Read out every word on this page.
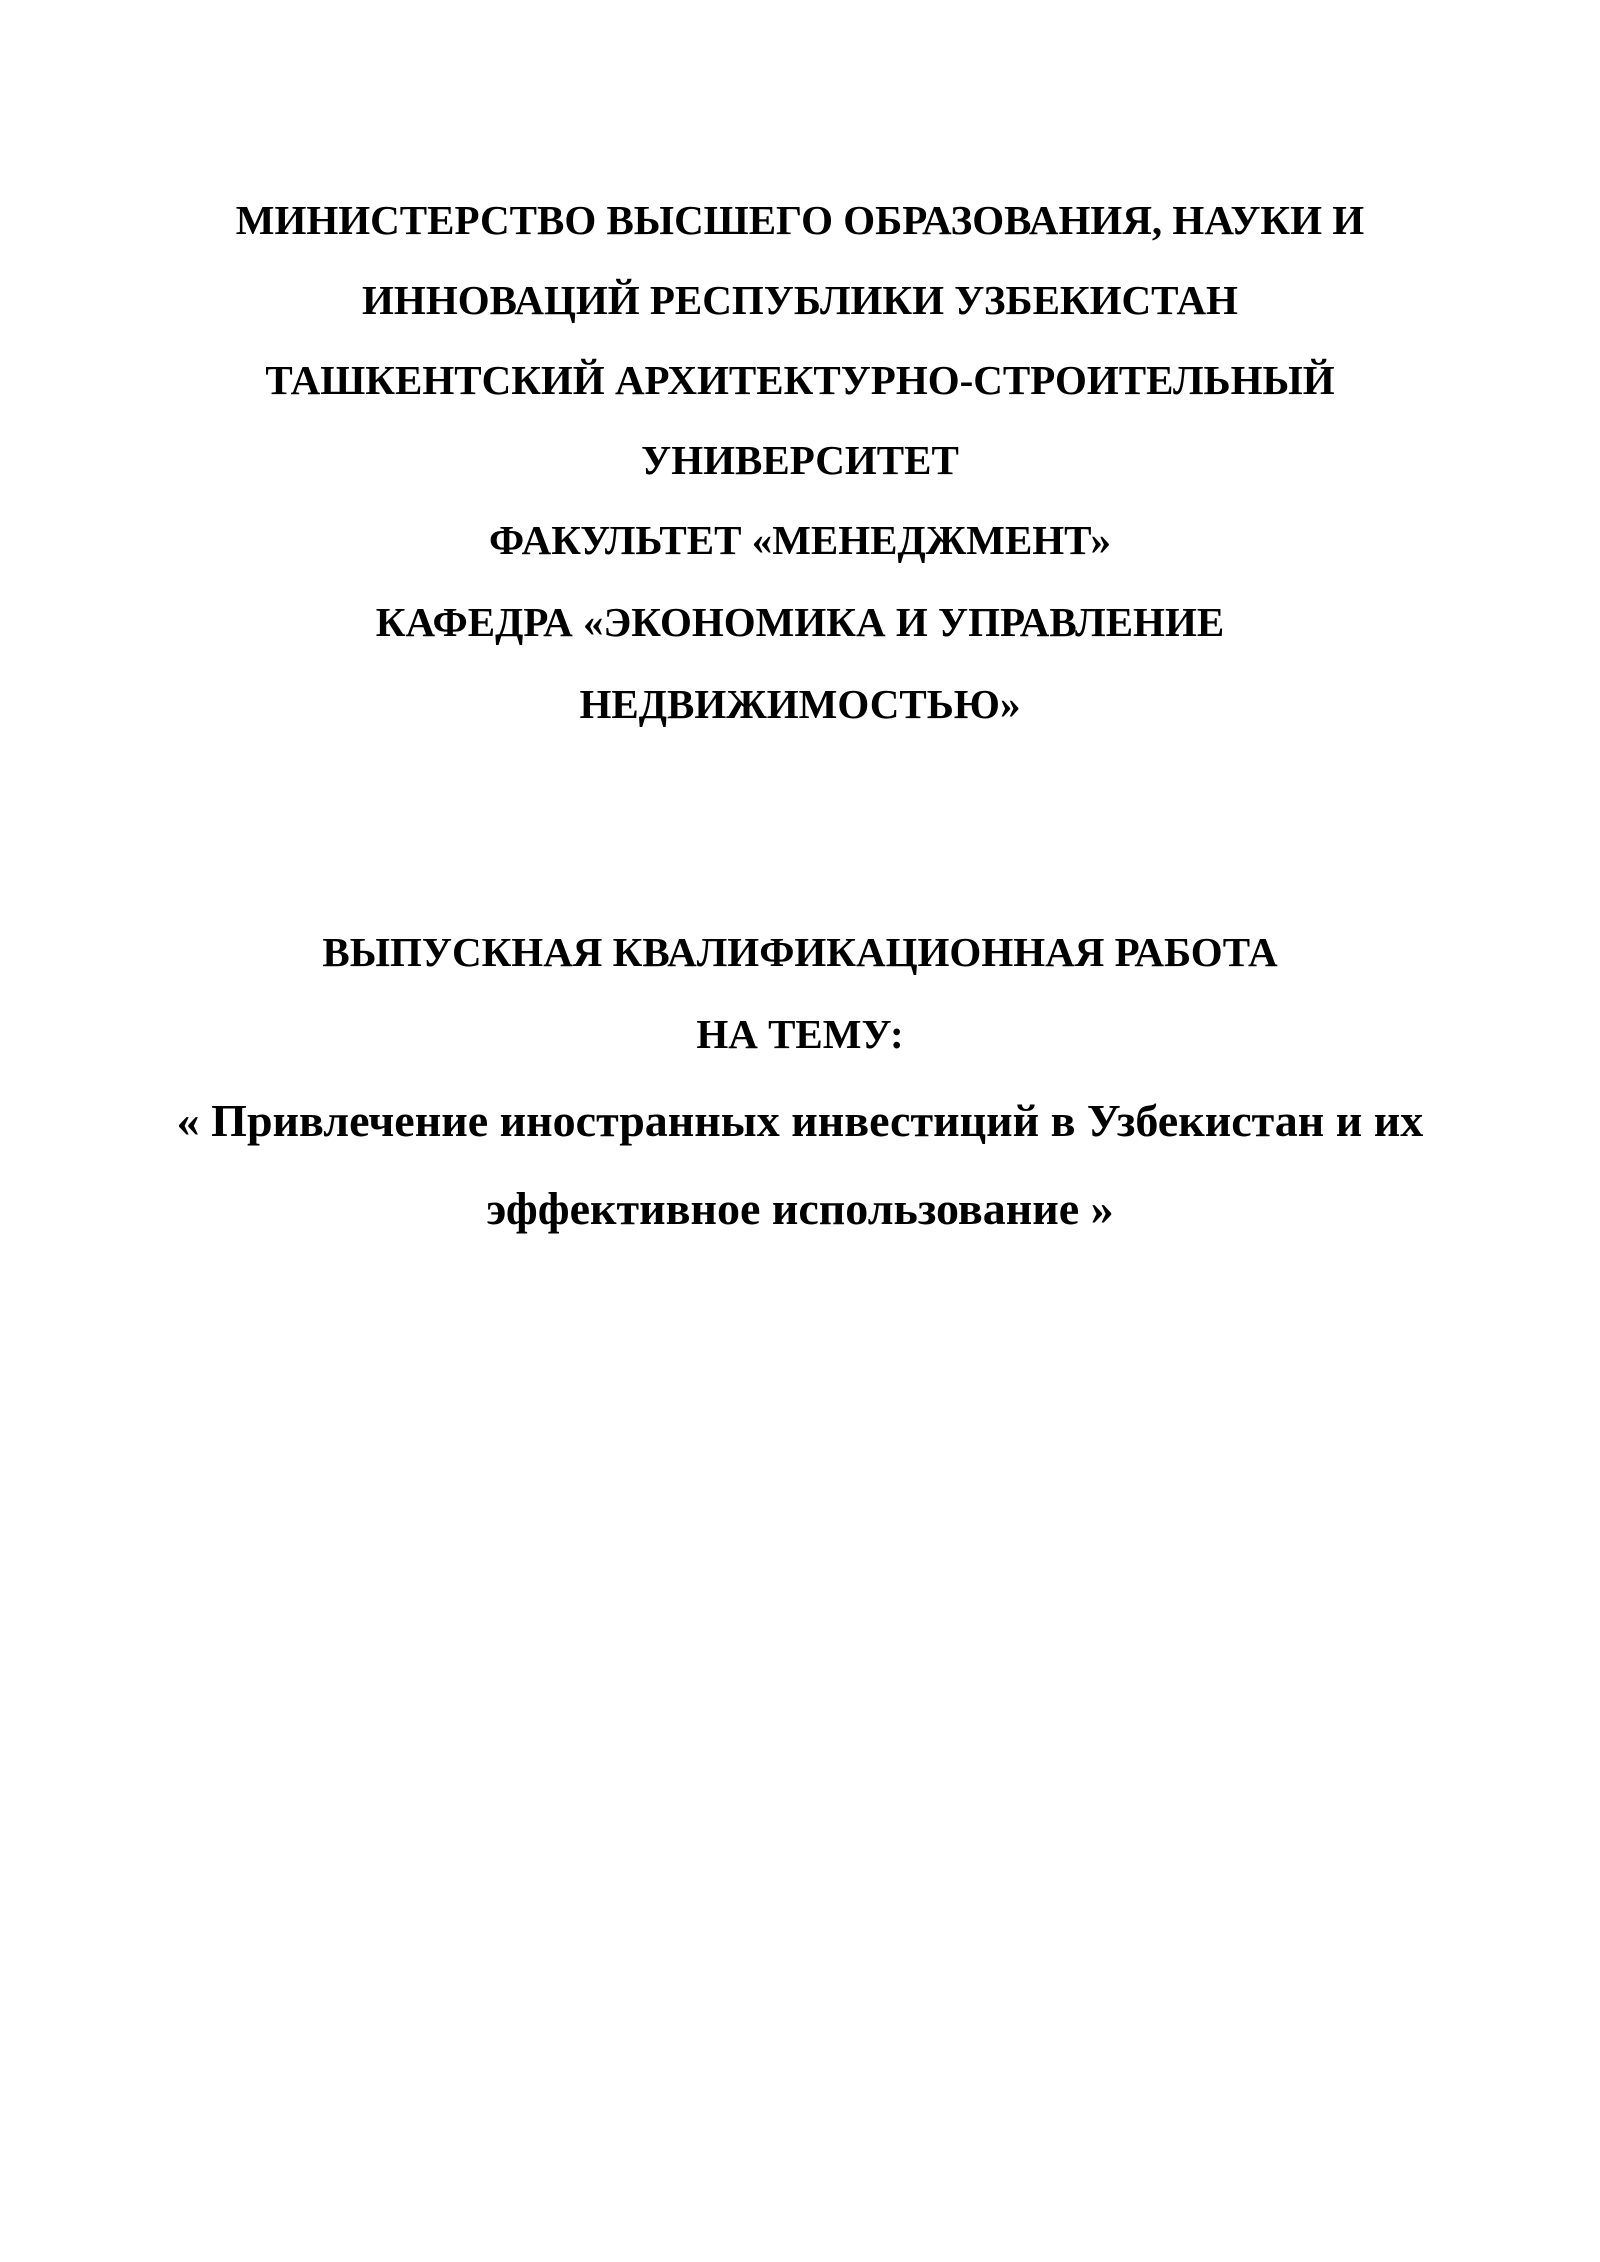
МИНИСТЕРСТВО ВЫСШЕГО ОБРАЗОВАНИЯ, НАУКИ И
ИННОВАЦИЙ РЕСПУБЛИКИ УЗБЕКИСТАН
ТАШКЕНТСКИЙ АРХИТЕКТУРНО-СТРОИТЕЛЬНЫЙ
УНИВЕРСИТЕТ
ФАКУЛЬТЕТ «МЕНЕДЖМЕНТ»
КАФЕДРА «ЭКОНОМИКА И УПРАВЛЕНИЕ
НЕДВИЖИМОСТЬЮ»
ВЫПУСКНАЯ КВАЛИФИКАЦИОННАЯ РАБОТА
НА ТЕМУ:
« Привлечение иностранных инвестиций в Узбекистан и их
эффективное использование »
